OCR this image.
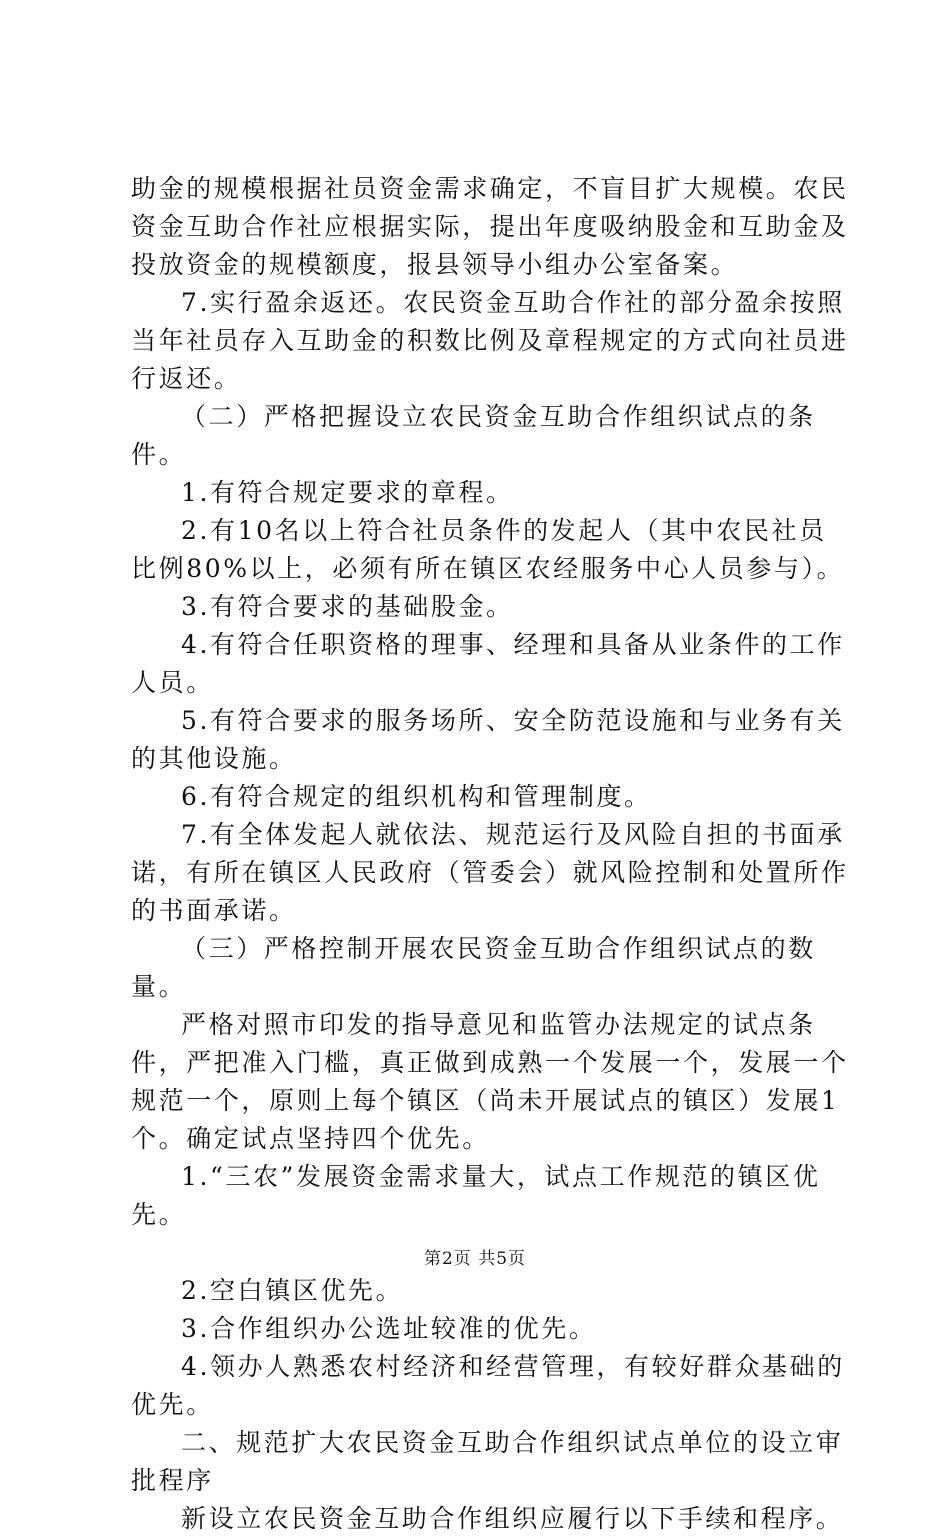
助金的规模根据社员资金需求确定，不盲目扩大规模。农民资金互助合作社应根据实际，提出年度吸纳股金和互助金及投放资金的规模额度，报县领导小组办公室备案。

7.实行盈余返还。农民资金互助合作社的部分盈余按照当年社员存入互助金的积数比例及章程规定的方式向社员进行返还。

（二）严格把握设立农民资金互助合作组织试点的条件。

1.有符合规定要求的章程。

2.有10名以上符合社员条件的发起人（其中农民社员比例80%以上，必须有所在镇区农经服务中心人员参与）。

3.有符合要求的基础股金。

4.有符合任职资格的理事、经理和具备从业条件的工作人员。

5.有符合要求的服务场所、安全防范设施和与业务有关的其他设施。

6.有符合规定的组织机构和管理制度。

7.有全体发起人就依法、规范运行及风险自担的书面承诺，有所在镇区人民政府（管委会）就风险控制和处置所作的书面承诺。

（三）严格控制开展农民资金互助合作组织试点的数量。

严格对照市印发的指导意见和监管办法规定的试点条件，严把准入门槛，真正做到成熟一个发展一个，发展一个规范一个，原则上每个镇区（尚未开展试点的镇区）发展1个。确定试点坚持四个优先。

1.“三农”发展资金需求量大，试点工作规范的镇区优先。

2.空白镇区优先。

3.合作组织办公选址较准的优先。

4.领办人熟悉农村经济和经营管理，有较好群众基础的优先。

二、规范扩大农民资金互助合作组织试点单位的设立审批程序

新设立农民资金互助合作组织应履行以下手续和程序。

第2页 共5页
